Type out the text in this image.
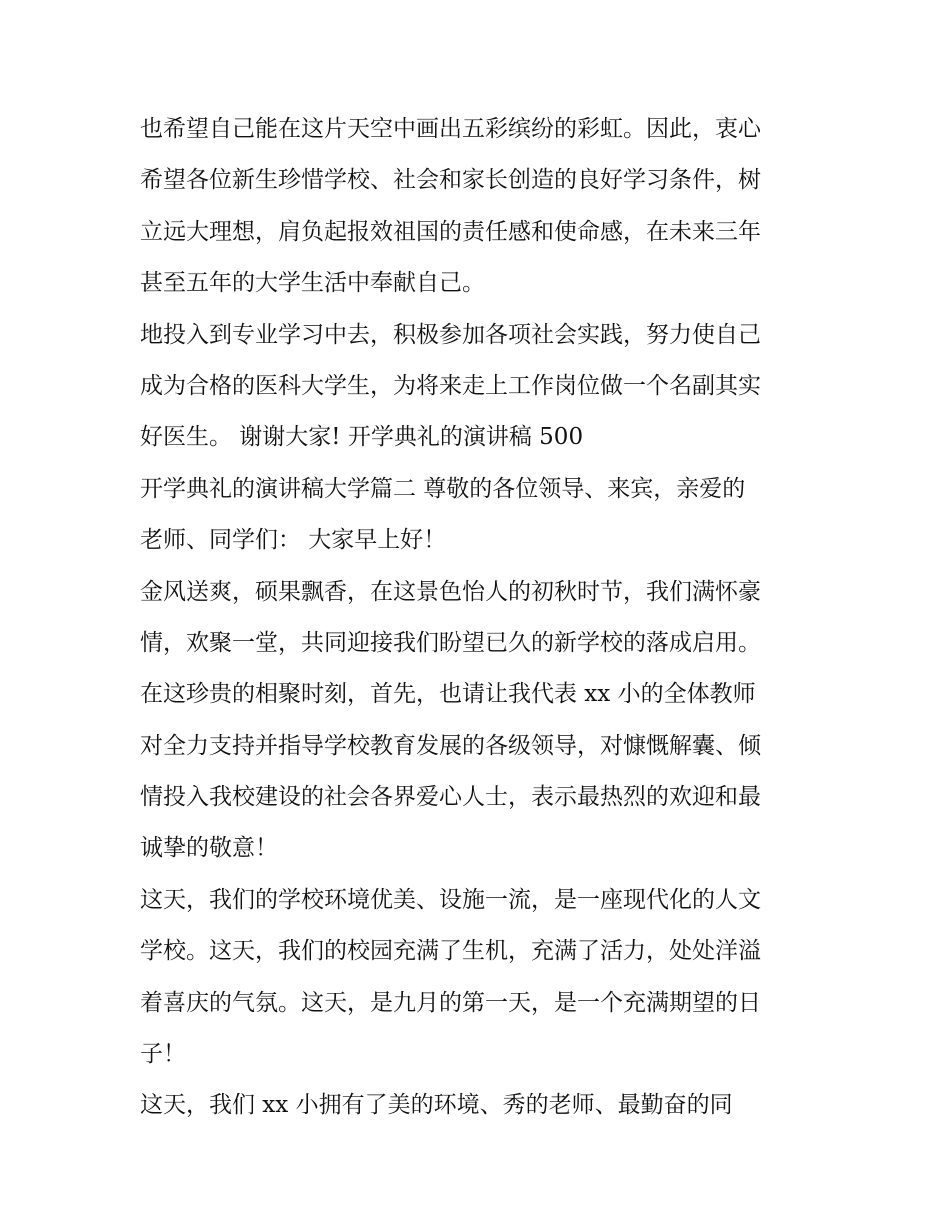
也希望自己能在这片天空中画出五彩缤纷的彩虹。因此，衷心
希望各位新生珍惜学校、社会和家长创造的良好学习条件，树
立远大理想，肩负起报效祖国的责任感和使命感，在未来三年
甚至五年的大学生活中奉献自己。
地投入到专业学习中去，积极参加各项社会实践，努力使自己
成为合格的医科大学生，为将来走上工作岗位做一个名副其实
好医生。 谢谢大家! 开学典礼的演讲稿 500
开学典礼的演讲稿大学篇二 尊敬的各位领导、来宾，亲爱的
老师、同学们： 大家早上好！
金风送爽，硕果飘香，在这景色怡人的初秋时节，我们满怀豪
情，欢聚一堂，共同迎接我们盼望已久的新学校的落成启用。
在这珍贵的相聚时刻，首先，也请让我代表 xx 小的全体教师
对全力支持并指导学校教育发展的各级领导，对慷慨解囊、倾
情投入我校建设的社会各界爱心人士，表示最热烈的欢迎和最
诚挚的敬意！
这天，我们的学校环境优美、设施一流，是一座现代化的人文
学校。这天，我们的校园充满了生机，充满了活力，处处洋溢
着喜庆的气氛。这天，是九月的第一天，是一个充满期望的日
子！
这天，我们 xx 小拥有了美的环境、秀的老师、最勤奋的同
